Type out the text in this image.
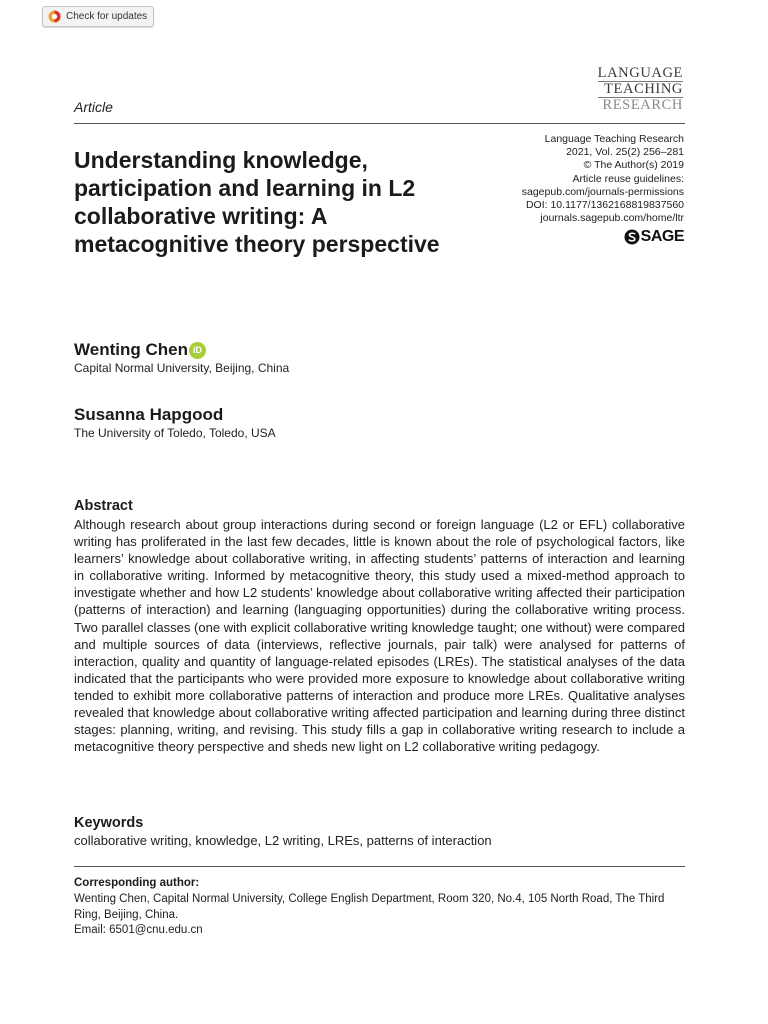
Check for updates
LANGUAGE
TEACHING
RESEARCH
Article
Understanding knowledge, participation and learning in L2 collaborative writing: A metacognitive theory perspective
Language Teaching Research
2021, Vol. 25(2) 256–281
© The Author(s) 2019
Article reuse guidelines:
sagepub.com/journals-permissions
DOI: 10.1177/1362168819837560
journals.sagepub.com/home/ltr
SAGE
Wenting Chen iD
Capital Normal University, Beijing, China
Susanna Hapgood
The University of Toledo, Toledo, USA
Abstract

Although research about group interactions during second or foreign language (L2 or EFL) collaborative writing has proliferated in the last few decades, little is known about the role of psychological factors, like learners’ knowledge about collaborative writing, in affecting students’ patterns of interaction and learning in collaborative writing. Informed by metacognitive theory, this study used a mixed-method approach to investigate whether and how L2 students’ knowledge about collaborative writing affected their participation (patterns of interaction) and learning (languaging opportunities) during the collaborative writing process. Two parallel classes (one with explicit collaborative writing knowledge taught; one without) were compared and multiple sources of data (interviews, reflective journals, pair talk) were analysed for patterns of interaction, quality and quantity of language-related episodes (LREs). The statistical analyses of the data indicated that the participants who were provided more exposure to knowledge about collaborative writing tended to exhibit more collaborative patterns of interaction and produce more LREs. Qualitative analyses revealed that knowledge about collaborative writing affected participation and learning during three distinct stages: planning, writing, and revising. This study fills a gap in collaborative writing research to include a metacognitive theory perspective and sheds new light on L2 collaborative writing pedagogy.

Keywords
collaborative writing, knowledge, L2 writing, LREs, patterns of interaction
Corresponding author:
Wenting Chen, Capital Normal University, College English Department, Room 320, No.4, 105 North Road, The Third Ring, Beijing, China.
Email: 6501@cnu.edu.cn
